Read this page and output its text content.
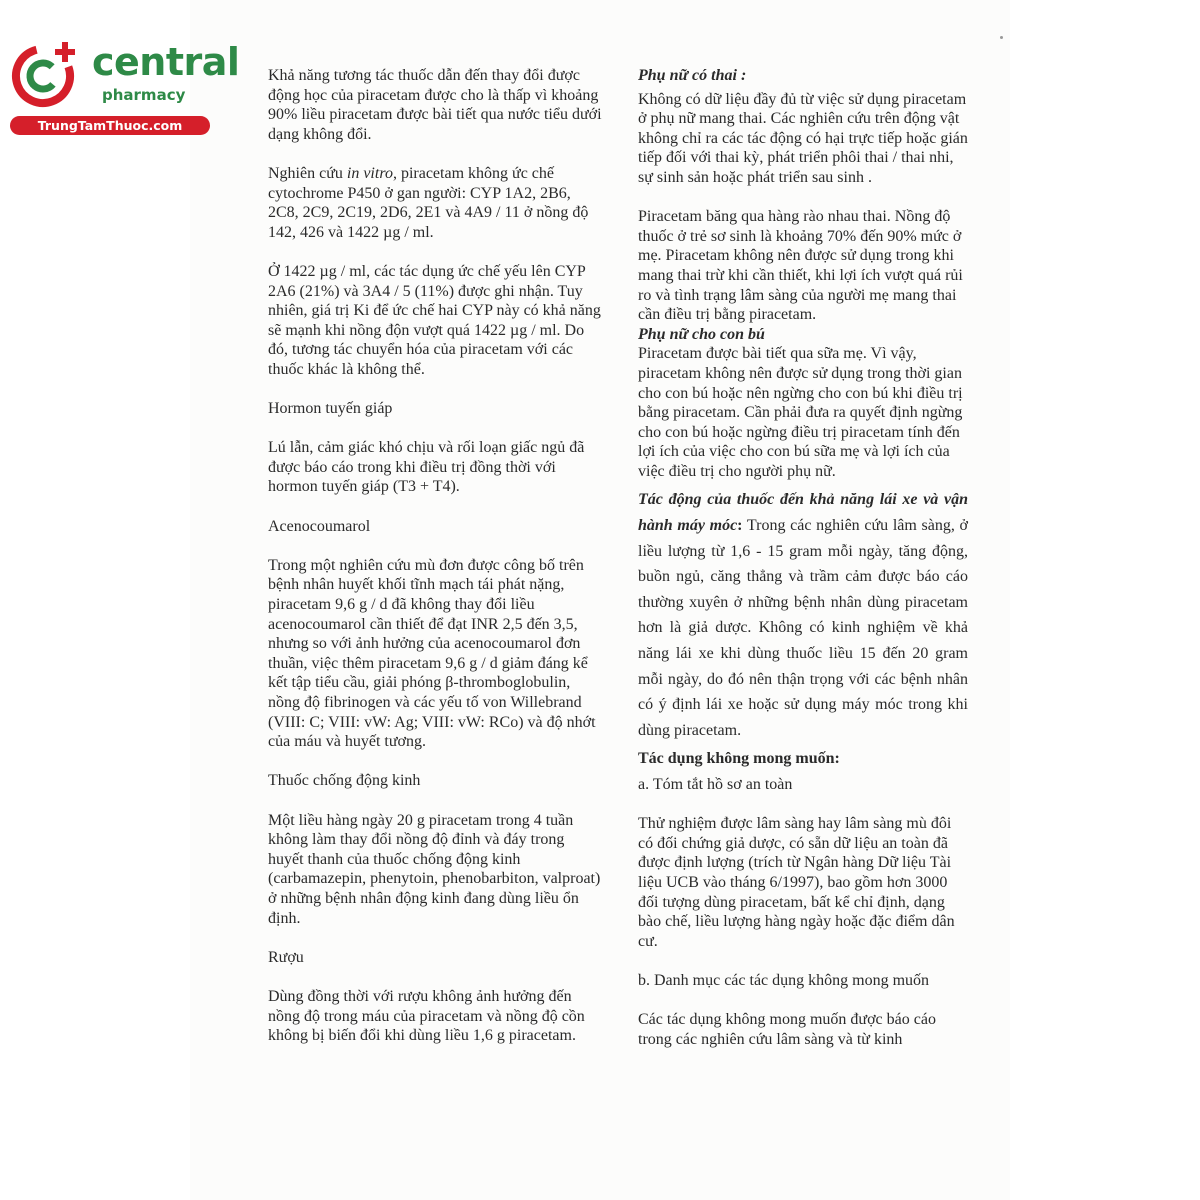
central
pharmacy
TrungTamThuoc.com

Khả năng tương tác thuốc dẫn đến thay đổi được động học của piracetam được cho là thấp vì khoảng 90% liều piracetam được bài tiết qua nước tiểu dưới dạng không đổi.

Nghiên cứu in vitro, piracetam không ức chế cytochrome P450 ở gan người: CYP 1A2, 2B6, 2C8, 2C9, 2C19, 2D6, 2E1 và 4A9 / 11 ở nồng độ 142, 426 và 1422 µg / ml.

Ở 1422 µg / ml, các tác dụng ức chế yếu lên CYP 2A6 (21%) và 3A4 / 5 (11%) được ghi nhận. Tuy nhiên, giá trị Ki để ức chế hai CYP này có khả năng sẽ mạnh khi nồng độn vượt quá 1422 µg / ml. Do đó, tương tác chuyển hóa của piracetam với các thuốc khác là không thể.

Hormon tuyến giáp

Lú lẫn, cảm giác khó chịu và rối loạn giấc ngủ đã được báo cáo trong khi điều trị đồng thời với hormon tuyến giáp (T3 + T4).

Acenocoumarol

Trong một nghiên cứu mù đơn được công bố trên bệnh nhân huyết khối tĩnh mạch tái phát nặng, piracetam 9,6 g / d đã không thay đổi liều acenocoumarol cần thiết để đạt INR 2,5 đến 3,5, nhưng so với ảnh hưởng của acenocoumarol đơn thuần, việc thêm piracetam 9,6 g / d giảm đáng kể kết tập tiểu cầu, giải phóng β-thromboglobulin, nồng độ fibrinogen và các yếu tố von Willebrand (VIII: C; VIII: vW: Ag; VIII: vW: RCo) và độ nhớt của máu và huyết tương.

Thuốc chống động kinh

Một liều hàng ngày 20 g piracetam trong 4 tuần không làm thay đổi nồng độ đỉnh và đáy trong huyết thanh của thuốc chống động kinh (carbamazepin, phenytoin, phenobarbiton, valproat) ở những bệnh nhân động kinh đang dùng liều ổn định.

Rượu

Dùng đồng thời với rượu không ảnh hưởng đến nồng độ trong máu của piracetam và nồng độ cồn không bị biến đổi khi dùng liều 1,6 g piracetam.

Phụ nữ có thai :

Không có dữ liệu đầy đủ từ việc sử dụng piracetam ở phụ nữ mang thai. Các nghiên cứu trên động vật không chỉ ra các tác động có hại trực tiếp hoặc gián tiếp đối với thai kỳ, phát triển phôi thai / thai nhi, sự sinh sản hoặc phát triển sau sinh .

Piracetam băng qua hàng rào nhau thai. Nồng độ thuốc ở trẻ sơ sinh là khoảng 70% đến 90% mức ở mẹ. Piracetam không nên được sử dụng trong khi mang thai trừ khi cần thiết, khi lợi ích vượt quá rủi ro và tình trạng lâm sàng của người mẹ mang thai cần điều trị bằng piracetam.

Phụ nữ cho con bú

Piracetam được bài tiết qua sữa mẹ. Vì vậy, piracetam không nên được sử dụng trong thời gian cho con bú hoặc nên ngừng cho con bú khi điều trị bằng piracetam. Cần phải đưa ra quyết định ngừng cho con bú hoặc ngừng điều trị piracetam tính đến lợi ích của việc cho con bú sữa mẹ và lợi ích của việc điều trị cho người phụ nữ.

Tác động của thuốc đến khả năng lái xe và vận hành máy móc: Trong các nghiên cứu lâm sàng, ở liều lượng từ 1,6 - 15 gram mỗi ngày, tăng động, buồn ngủ, căng thẳng và trầm cảm được báo cáo thường xuyên ở những bệnh nhân dùng piracetam hơn là giả dược. Không có kinh nghiệm về khả năng lái xe khi dùng thuốc liều 15 đến 20 gram mỗi ngày, do đó nên thận trọng với các bệnh nhân có ý định lái xe hoặc sử dụng máy móc trong khi dùng piracetam.

Tác dụng không mong muốn:

a. Tóm tắt hồ sơ an toàn

Thử nghiệm được lâm sàng hay lâm sàng mù đôi có đối chứng giả dược, có sẵn dữ liệu an toàn đã được định lượng (trích từ Ngân hàng Dữ liệu Tài liệu UCB vào tháng 6/1997), bao gồm hơn 3000 đối tượng dùng piracetam, bất kể chỉ định, dạng bào chế, liều lượng hàng ngày hoặc đặc điểm dân cư.

b. Danh mục các tác dụng không mong muốn

Các tác dụng không mong muốn được báo cáo trong các nghiên cứu lâm sàng và từ kinh
